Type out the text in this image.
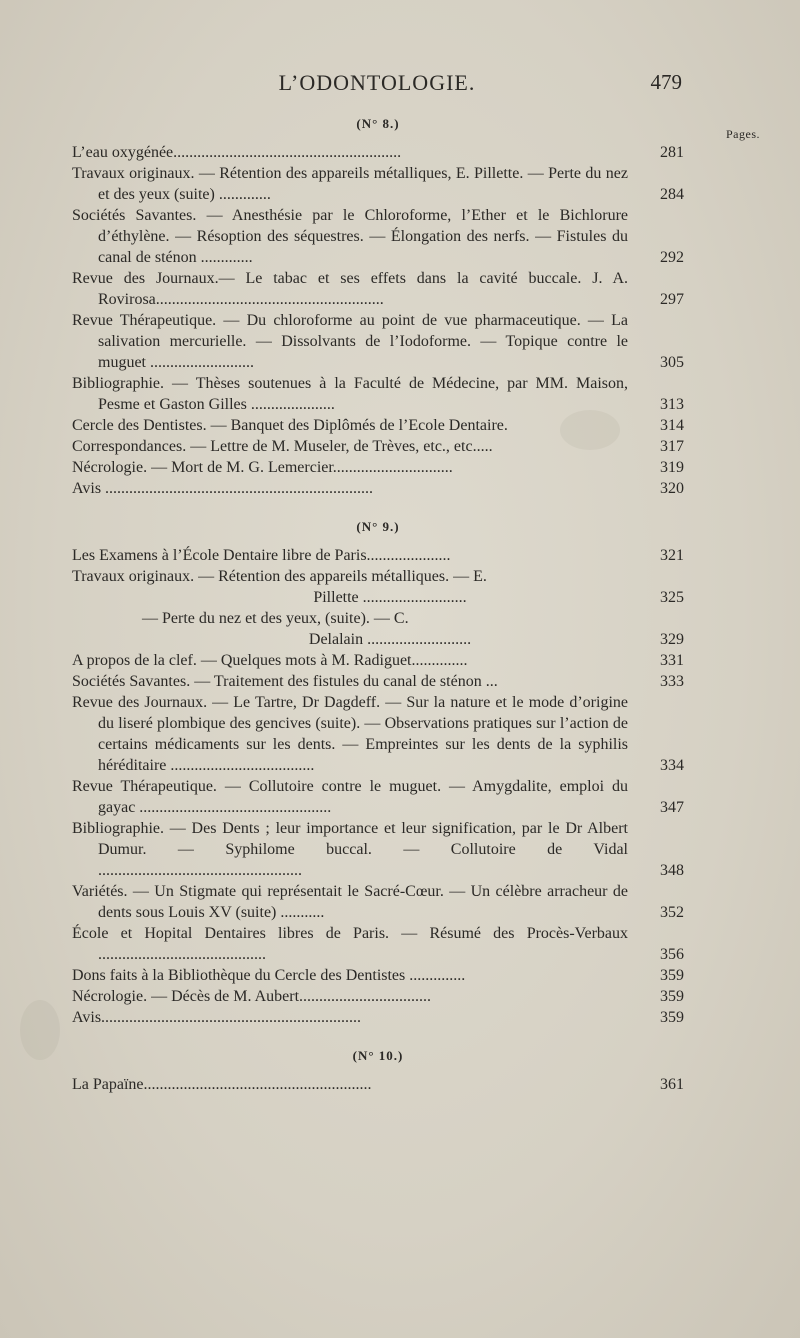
L’ODONTOLOGIE.	479
Pages.
(N° 8.)
L’eau oxygénée.........................................................	281
Travaux originaux. — Rétention des appareils métalliques, E. Pillette. — Perte du nez et des yeux (suite) .............	284
Sociétés Savantes. — Anesthésie par le Chloroforme, l’Ether et le Bichlorure d’éthylène. — Résoption des séquestres. — Élongation des nerfs. — Fistules du canal de sténon .............	292
Revue des Journaux.— Le tabac et ses effets dans la cavité buccale. J. A. Rovirosa.........................................................	297
Revue Thérapeutique. — Du chloroforme au point de vue pharmaceutique. — La salivation mercurielle. — Dissolvants de l’Iodoforme. — Topique contre le muguet ..........................	305
Bibliographie. — Thèses soutenues à la Faculté de Médecine, par MM. Maison, Pesme et Gaston Gilles .....................	313
Cercle des Dentistes. — Banquet des Diplômés de l’Ecole Dentaire.	314
Correspondances. — Lettre de M. Museler, de Trèves, etc., etc.....	317
Nécrologie. — Mort de M. G. Lemercier..............................	319
Avis ...................................................................	320
(N° 9.)
Les Examens à l’École Dentaire libre de Paris.....................	321
Travaux originaux. — Rétention des appareils métalliques. — E.
Pillette ..........................	325
— Perte du nez et des yeux, (suite). — C.
Delalain ..........................	329
A propos de la clef. — Quelques mots à M. Radiguet..............	331
Sociétés Savantes. — Traitement des fistules du canal de sténon ...	333
Revue des Journaux. — Le Tartre, Dr Dagdeff. — Sur la nature et le mode d’origine du liseré plombique des gencives (suite). — Observations pratiques sur l’action de certains médicaments sur les dents. — Empreintes sur les dents de la syphilis héréditaire ....................................	334
Revue Thérapeutique. — Collutoire contre le muguet. — Amygdalite, emploi du gayac ................................................	347
Bibliographie. — Des Dents ; leur importance et leur signification, par le Dr Albert Dumur. — Syphilome buccal. — Collutoire de Vidal ...................................................	348
Variétés. — Un Stigmate qui représentait le Sacré-Cœur. — Un célèbre arracheur de dents sous Louis XV (suite) ...........	352
École et Hopital Dentaires libres de Paris. — Résumé des Procès-Verbaux ..........................................	356
Dons faits à la Bibliothèque du Cercle des Dentistes ..............	359
Nécrologie. — Décès de M. Aubert.................................	359
Avis.................................................................	359
(N° 10.)
La Papaïne.........................................................	361
